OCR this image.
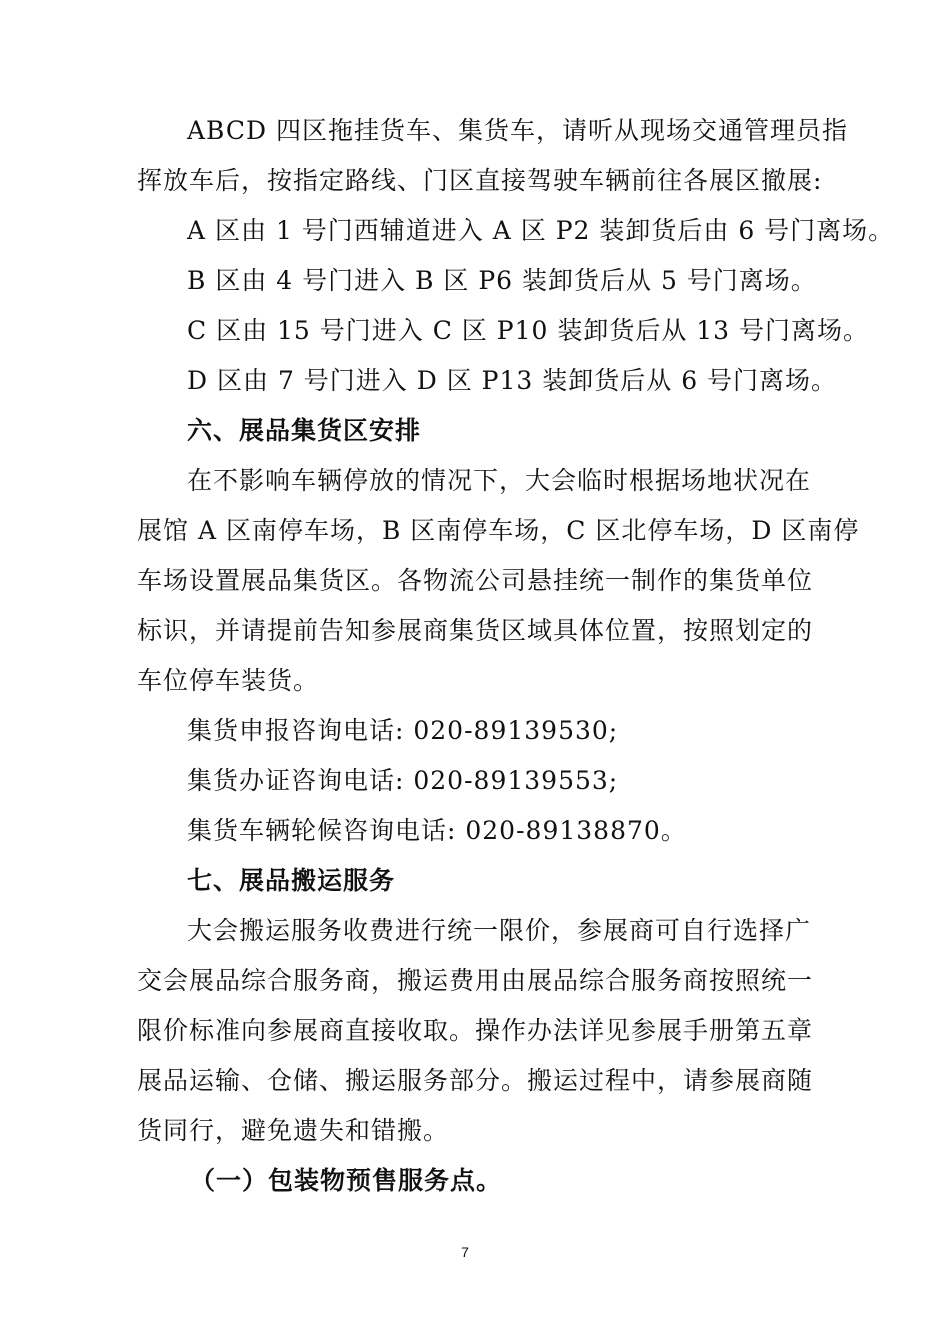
ABCD 四区拖挂货车、集货车，请听从现场交通管理员指
挥放车后，按指定路线、门区直接驾驶车辆前往各展区撤展:
A 区由 1 号门西辅道进入 A 区 P2 装卸货后由 6 号门离场。
B 区由 4 号门进入 B 区 P6 装卸货后从 5 号门离场。
C 区由 15 号门进入 C 区 P10 装卸货后从 13 号门离场。
D 区由 7 号门进入 D 区 P13 装卸货后从 6 号门离场。
六、展品集货区安排
在不影响车辆停放的情况下，大会临时根据场地状况在
展馆 A 区南停车场，B 区南停车场，C 区北停车场，D 区南停
车场设置展品集货区。各物流公司悬挂统一制作的集货单位
标识，并请提前告知参展商集货区域具体位置，按照划定的
车位停车装货。
集货申报咨询电话: 020-89139530;
集货办证咨询电话: 020-89139553;
集货车辆轮候咨询电话: 020-89138870。
七、展品搬运服务
大会搬运服务收费进行统一限价，参展商可自行选择广
交会展品综合服务商，搬运费用由展品综合服务商按照统一
限价标准向参展商直接收取。操作办法详见参展手册第五章
展品运输、仓储、搬运服务部分。搬运过程中，请参展商随
货同行，避免遗失和错搬。
（一）包装物预售服务点。
7
